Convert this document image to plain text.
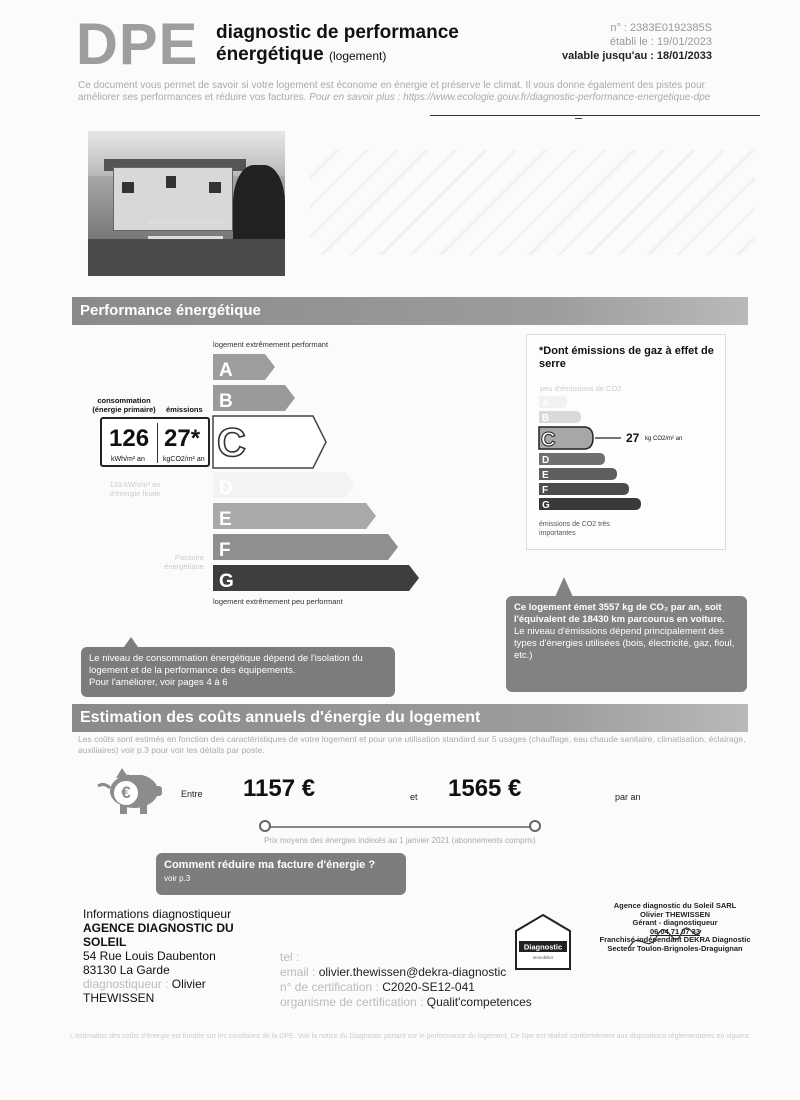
DPE diagnostic de performance
énergétique (logement)
n° : 2383E0192385S
établi le : 19/01/2023
valable jusqu'au : 18/01/2033
Ce document vous permet de savoir si votre logement est économe en énergie et préserve le climat. Il vous donne également des pistes pour améliorer ses performances et réduire vos factures. Pour en savoir plus : https://www.ecologie.gouv.fr/diagnostic-performance-energetique-dpe
Performance énergétique
logement extrêmement performant
A
B
C
D
E
F
G
logement extrêmement peu performant
consommation (énergie primaire)	émissions
126
kWh/m² an
27*
kgCO2/m² an
123 kWh/m² an d'énergie finale
Passoire énergétique
Le niveau de consommation énergétique dépend de l'isolation du logement et de la performance des équipements.
Pour l'améliorer, voir pages 4 à 6
*Dont émissions de gaz à effet de serre
peu d'émissions de CO2
A
B
C
D
E
F
G
27 kg CO2/m² an
émissions de CO2 très importantes
Ce logement émet 3557 kg de CO₂ par an, soit l'équivalent de 18430 km parcourus en voiture.
Le niveau d'émissions dépend principalement des types d'énergies utilisées (bois, électricité, gaz, fioul, etc.)
Estimation des coûts annuels d'énergie du logement
Les coûts sont estimés en fonction des caractéristiques de votre logement et pour une utilisation standard sur 5 usages (chauffage, eau chaude sanitaire, climatisation, éclairage, auxiliaires) voir p.3 pour voir les détails par poste.
€	Entre 1157 €	et 1565 €	par an
Prix moyens des énergies indexés au 1 janvier 2021 (abonnements compris)
Comment réduire ma facture d'énergie ?
voir p.3
Informations diagnostiqueur
AGENCE DIAGNOSTIC DU
SOLEIL
54 Rue Louis Daubenton
83130 La Garde
diagnostiqueur : Olivier
THEWISSEN
tel :
email : olivier.thewissen@dekra-diagnostic
n° de certification : C2020-SE12-041
organisme de certification : Qualit'competences
Diagnostic
immobilier
Agence diagnostic du Soleil SARL
Olivier THEWISSEN
Gérant - diagnostiqueur
06 04 71 07 33
Franchisé indépendant DEKRA Diagnostic
Secteur Toulon-Brignoles-Draguignan
L'estimation des coûts d'énergie est fondée sur les conditions de la DPE. Voir la notice du Diagnostic portant sur le performance du logement. Ce Dpe est réalisé conformément aux dispositions réglementaires en vigueur.
